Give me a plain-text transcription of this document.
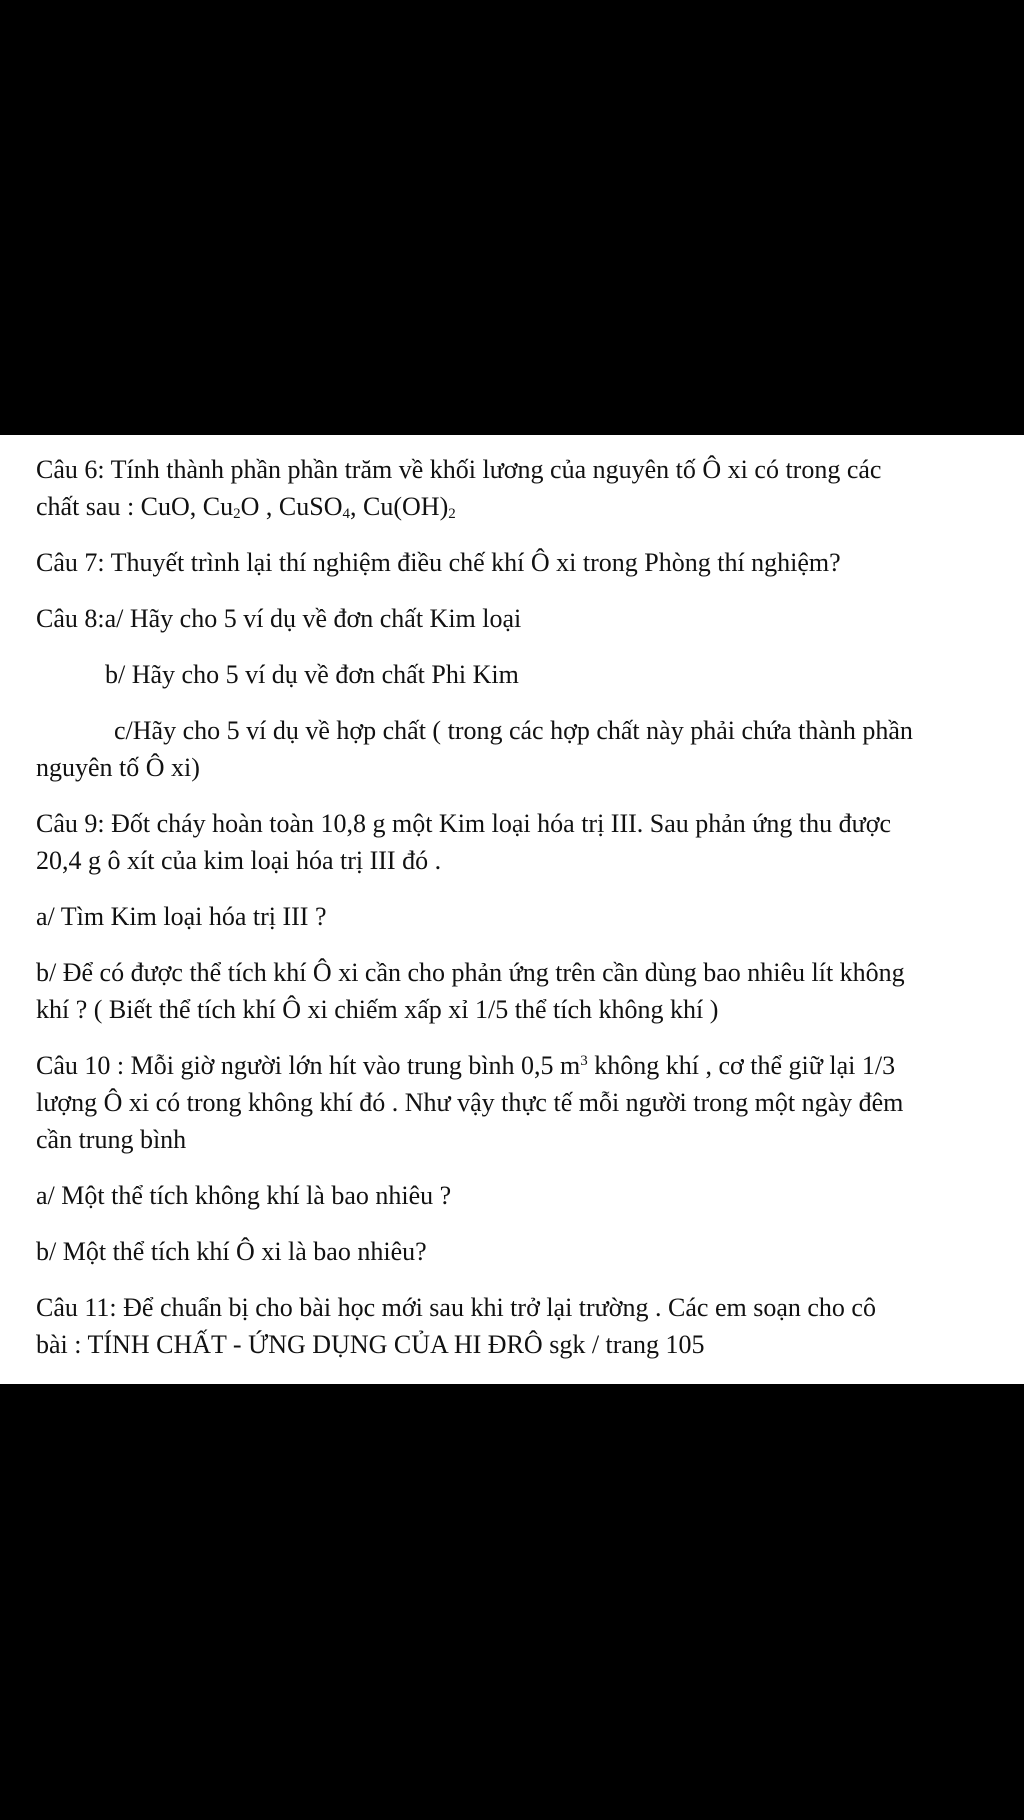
Câu 6: Tính thành phần phần trăm về khối lương của nguyên tố Ô xi có trong các
chất sau : CuO, $Cu_2O$ , CuSO$_4$, $Cu(OH)_2$
Câu 7: Thuyết trình lại thí nghiệm điều chế khí Ô xi trong Phòng thí nghiệm?
Câu 8:a/ Hãy cho 5 ví dụ về đơn chất Kim loại
b/ Hãy cho 5 ví dụ về đơn chất Phi Kim
c/Hãy cho 5 ví dụ về hợp chất ( trong các hợp chất này phải chứa thành phần
nguyên tố Ô xi)
Câu 9: Đốt cháy hoàn toàn 10,8 g một Kim loại hóa trị III. Sau phản ứng thu được
20,4 g ô xít của kim loại hóa trị III đó .
a/ Tìm Kim loại hóa trị III ?
b/ Để có được thể tích khí Ô xi cần cho phản ứng trên cần dùng bao nhiêu lít không
khí ? ( Biết thể tích khí Ô xi chiếm xấp xỉ 1/5 thể tích không khí )
Câu 10 : Mỗi giờ người lớn hít vào trung bình 0,5 $m^3$ không khí , cơ thể giữ lại 1/3
lượng Ô xi có trong không khí đó . Như vậy thực tế mỗi người trong một ngày đêm
cần trung bình
a/ Một thể tích không khí là bao nhiêu ?
b/ Một thể tích khí Ô xi là bao nhiêu?
Câu 11: Để chuẩn bị cho bài học mới sau khi trở lại trường . Các em soạn cho cô
bài : TÍNH CHẤT - ỨNG DỤNG CỦA HI ĐRÔ sgk / trang 105
